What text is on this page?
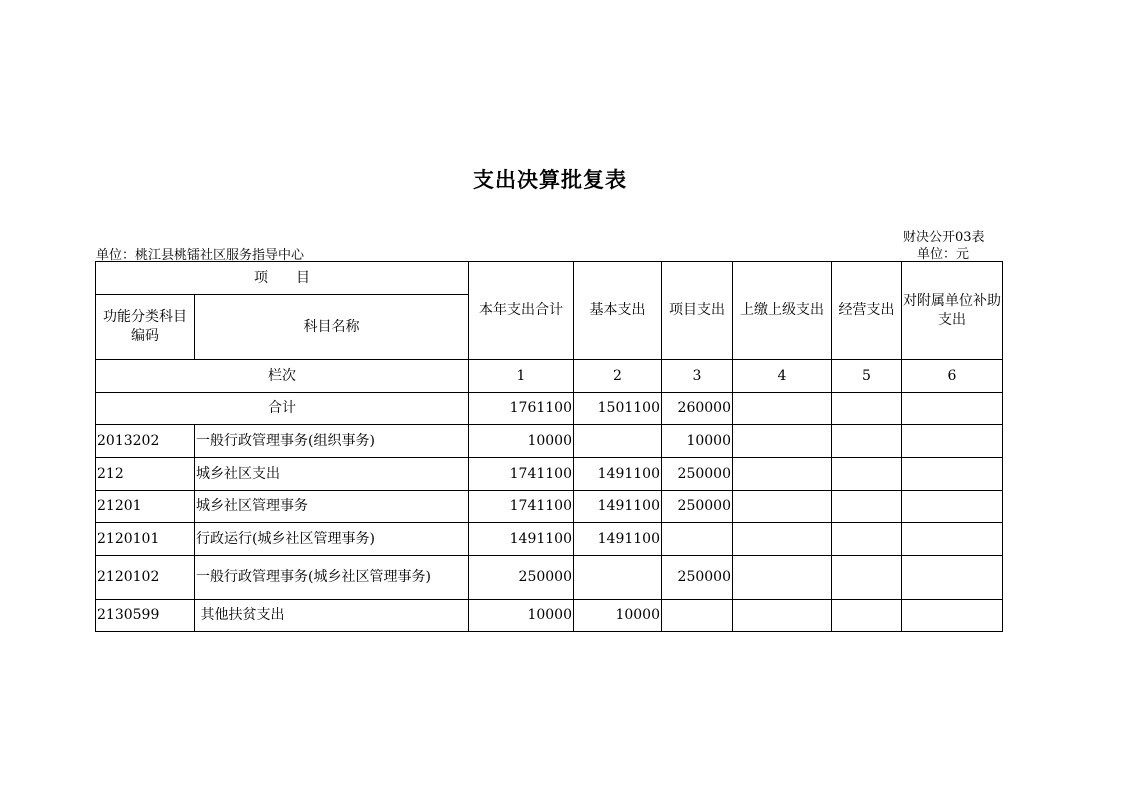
支出决算批复表
财决公开03表
单位：元
单位：桃江县桃镭社区服务指导中心
项　　目		本年支出合计	基本支出	项目支出	上缴上级支出	经营支出	对附属单位补助支出
功能分类科目编码	科目名称						
栏次		1	2	3	4	5	6
合计		1761100	1501100	260000			
2013202	一般行政管理事务(组织事务)	10000		10000			
212	城乡社区支出	1741100	1491100	250000			
21201	城乡社区管理事务	1741100	1491100	250000			
2120101	行政运行(城乡社区管理事务)	1491100	1491100				
2120102	一般行政管理事务(城乡社区管理事务)	250000		250000			
2130599	其他扶贫支出	10000	10000				
